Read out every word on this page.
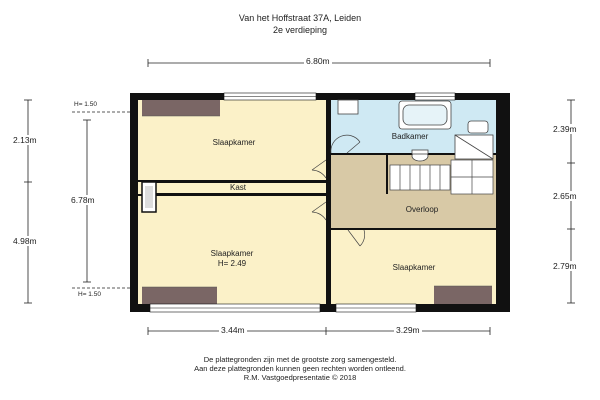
Van het Hoffstraat 37A, Leiden
2e verdieping
Slaapkamer
Kast
Slaapkamer
H= 2.49
Badkamer
Overloop
Slaapkamer
6.80m
2.13m
4.98m
6.78m
2.39m
2.65m
2.79m
3.44m	3.29m
H= 1.50
H= 1.50
De plattegronden zijn met de grootste zorg samengesteld.
Aan deze plattegronden kunnen geen rechten worden ontleend.
R.M. Vastgoedpresentatie © 2018
